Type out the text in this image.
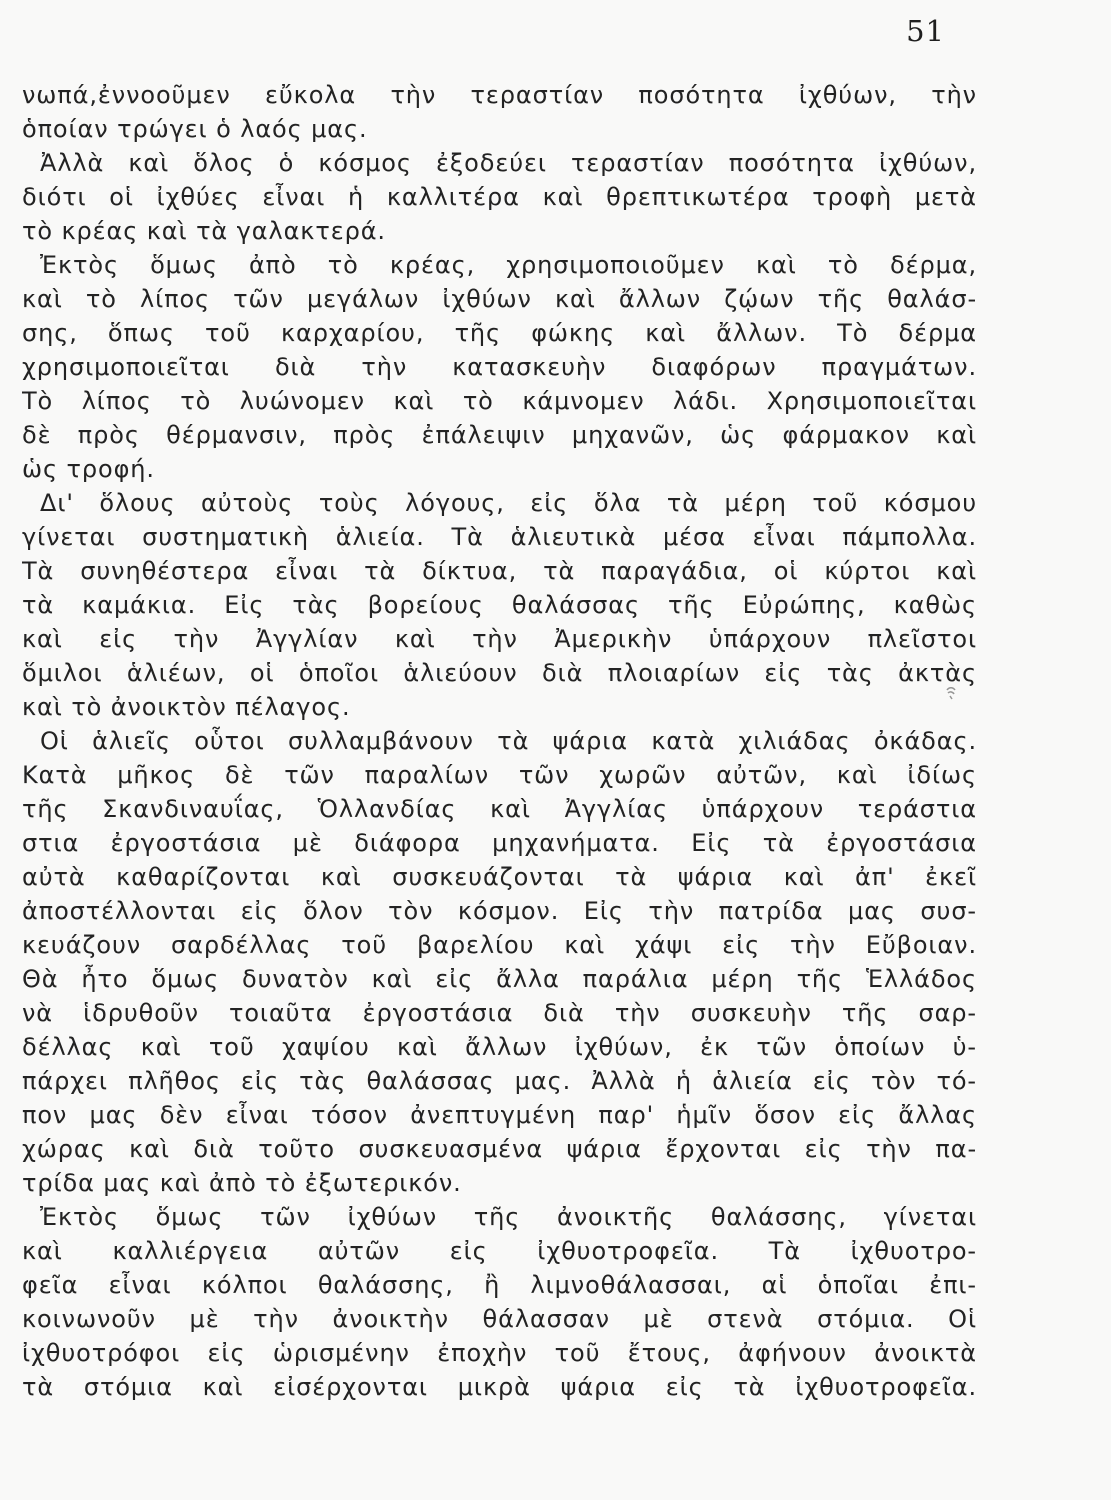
51
νωπά,ἐννοοῦμεν εὔκολα τὴν τεραστίαν ποσότητα ἰχθύων, τὴν
ὁποίαν τρώγει ὁ λαός μας.
Ἀλλὰ καὶ ὅλος ὁ κόσμος ἐξοδεύει τεραστίαν ποσότητα ἰχθύων,
διότι οἱ ἰχθύες εἶναι ἡ καλλιτέρα καὶ θρεπτικωτέρα τροφὴ μετὰ
τὸ κρέας καὶ τὰ γαλακτερά.
Ἐκτὸς ὅμως ἀπὸ τὸ κρέας, χρησιμοποιοῦμεν καὶ τὸ δέρμα,
καὶ τὸ λίπος τῶν μεγάλων ἰχθύων καὶ ἄλλων ζῴων τῆς θαλάσ-
σης, ὅπως τοῦ καρχαρίου, τῆς φώκης καὶ ἄλλων. Τὸ δέρμα
χρησιμοποιεῖται διὰ τὴν κατασκευὴν διαφόρων πραγμάτων.
Τὸ λίπος τὸ λυώνομεν καὶ τὸ κάμνομεν λάδι. Χρησιμοποιεῖται
δὲ πρὸς θέρμανσιν, πρὸς ἐπάλειψιν μηχανῶν, ὡς φάρμακον καὶ
ὡς τροφή.
Δι' ὅλους αὐτοὺς τοὺς λόγους, εἰς ὅλα τὰ μέρη τοῦ κόσμου
γίνεται συστηματικὴ ἁλιεία. Τὰ ἁλιευτικὰ μέσα εἶναι πάμπολλα.
Τὰ συνηθέστερα εἶναι τὰ δίκτυα, τὰ παραγάδια, οἱ κύρτοι καὶ
τὰ καμάκια. Εἰς τὰς βορείους θαλάσσας τῆς Εὐρώπης, καθὼς
καὶ εἰς τὴν Ἀγγλίαν καὶ τὴν Ἀμερικὴν ὑπάρχουν πλεῖστοι
ὅμιλοι ἁλιέων, οἱ ὁποῖοι ἁλιεύουν διὰ πλοιαρίων εἰς τὰς ἀκτὰς
καὶ τὸ ἀνοικτὸν πέλαγος.
Οἱ ἁλιεῖς οὗτοι συλλαμβάνουν τὰ ψάρια κατὰ χιλιάδας ὀκάδας.
Κατὰ μῆκος δὲ τῶν παραλίων τῶν χωρῶν αὐτῶν, καὶ ἰδίως
τῆς Σκανδιναυΐας, Ὁλλανδίας καὶ Ἀγγλίας ὑπάρχουν τεράστια
στια ἐργοστάσια μὲ διάφορα μηχανήματα. Εἰς τὰ ἐργοστάσια
αὐτὰ καθαρίζονται καὶ συσκευάζονται τὰ ψάρια καὶ ἀπ' ἐκεῖ
ἀποστέλλονται εἰς ὅλον τὸν κόσμον. Εἰς τὴν πατρίδα μας συσ-
κευάζουν σαρδέλλας τοῦ βαρελίου καὶ χάψι εἰς τὴν Εὔβοιαν.
Θὰ ἦτο ὅμως δυνατὸν καὶ εἰς ἄλλα παράλια μέρη τῆς Ἑλλάδος
νὰ ἱδρυθοῦν τοιαῦτα ἐργοστάσια διὰ τὴν συσκευὴν τῆς σαρ-
δέλλας καὶ τοῦ χαψίου καὶ ἄλλων ἰχθύων, ἐκ τῶν ὁποίων ὑ-
πάρχει πλῆθος εἰς τὰς θαλάσσας μας. Ἀλλὰ ἡ ἁλιεία εἰς τὸν τό-
πον μας δὲν εἶναι τόσον ἀνεπτυγμένη παρ' ἡμῖν ὅσον εἰς ἄλλας
χώρας καὶ διὰ τοῦτο συσκευασμένα ψάρια ἔρχονται εἰς τὴν πα-
τρίδα μας καὶ ἀπὸ τὸ ἐξωτερικόν.
Ἐκτὸς ὅμως τῶν ἰχθύων τῆς ἀνοικτῆς θαλάσσης, γίνεται
καὶ καλλιέργεια αὐτῶν εἰς ἰχθυοτροφεῖα. Τὰ ἰχθυοτρο-
φεῖα εἶναι κόλποι θαλάσσης, ἢ λιμνοθάλασσαι, αἱ ὁποῖαι ἐπι-
κοινωνοῦν μὲ τὴν ἀνοικτὴν θάλασσαν μὲ στενὰ στόμια. Οἱ
ἰχθυοτρόφοι εἰς ὡρισμένην ἐποχὴν τοῦ ἔτους, ἀφήνουν ἀνοικτὰ
τὰ στόμια καὶ εἰσέρχονται μικρὰ ψάρια εἰς τὰ ἰχθυοτροφεῖα.
